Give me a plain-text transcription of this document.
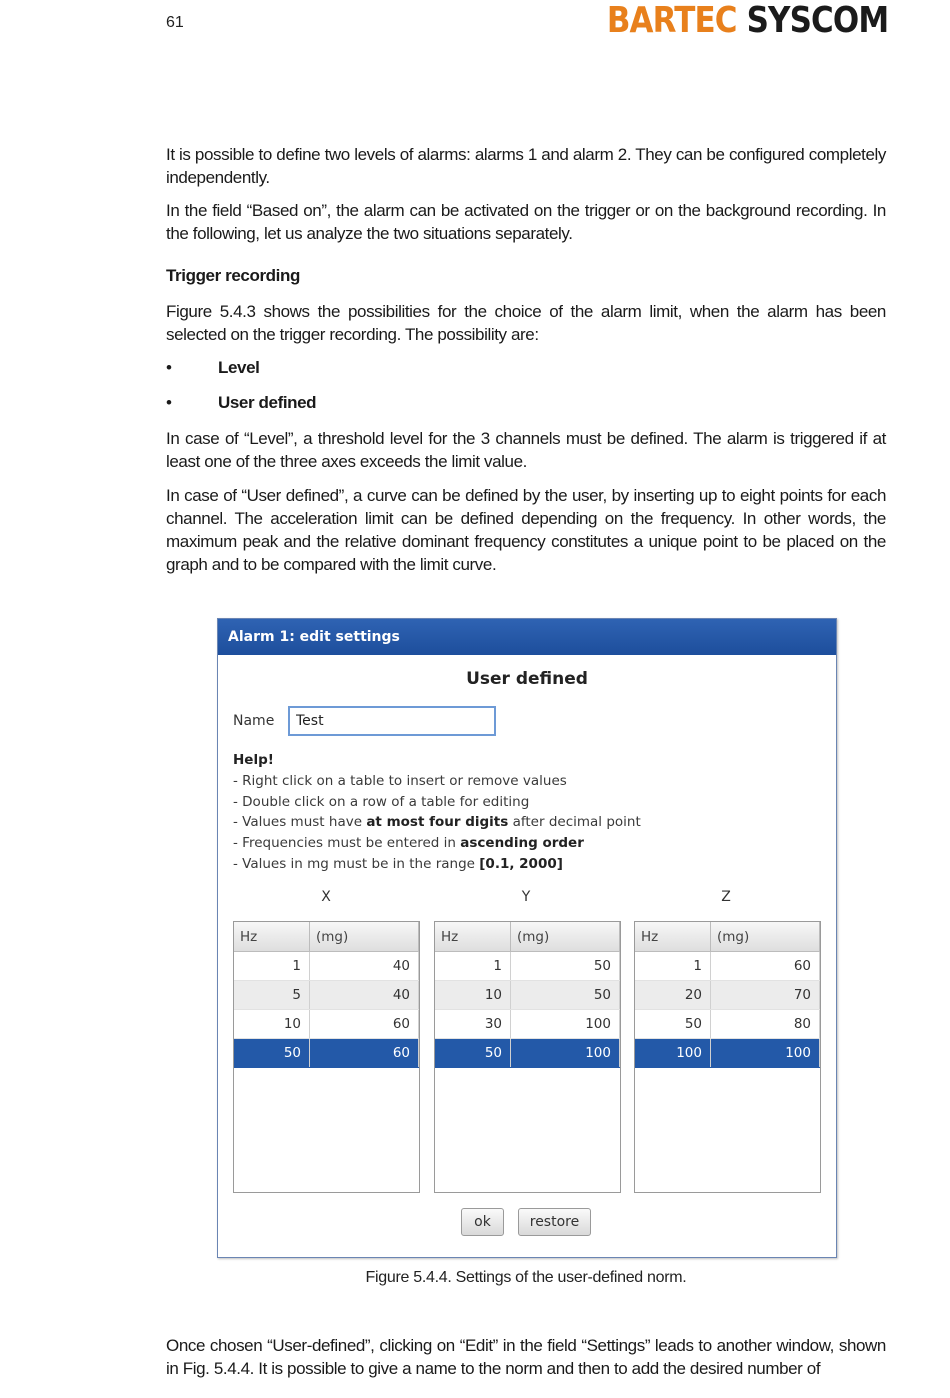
61	BARTEC SYSCOM

It is possible to define two levels of alarms: alarms 1 and alarm 2. They can be configured completely independently.

In the field “Based on”, the alarm can be activated on the trigger or on the background recording. In the following, let us analyze the two situations separately.

Trigger recording

Figure 5.4.3 shows the possibilities for the choice of the alarm limit, when the alarm has been selected on the trigger recording. The possibility are:

•	Level
•	User defined

In case of “Level”, a threshold level for the 3 channels must be defined. The alarm is triggered if at least one of the three axes exceeds the limit value.

In case of “User defined”, a curve can be defined by the user, by inserting up to eight points for each channel. The acceleration limit can be defined depending on the frequency. In other words, the maximum peak and the relative dominant frequency constitutes a unique point to be placed on the graph and to be compared with the limit curve.

Alarm 1: edit settings
User defined
Name
Test
Help!
- Right click on a table to insert or remove values
- Double click on a row of a table for editing
- Values must have at most four digits after decimal point
- Frequencies must be entered in ascending order
- Values in mg must be in the range [0.1, 2000]
X	Y	Z
Hz	(mg)
1	40
5	40
10	60
50	60
Hz	(mg)
1	50
10	50
30	100
50	100
Hz	(mg)
1	60
20	70
50	80
100	100
ok	restore
Figure 5.4.4. Settings of the user-defined norm.

Once chosen “User-defined”, clicking on “Edit” in the field “Settings” leads to another window, shown in Fig. 5.4.4. It is possible to give a name to the norm and then to add the desired number of
